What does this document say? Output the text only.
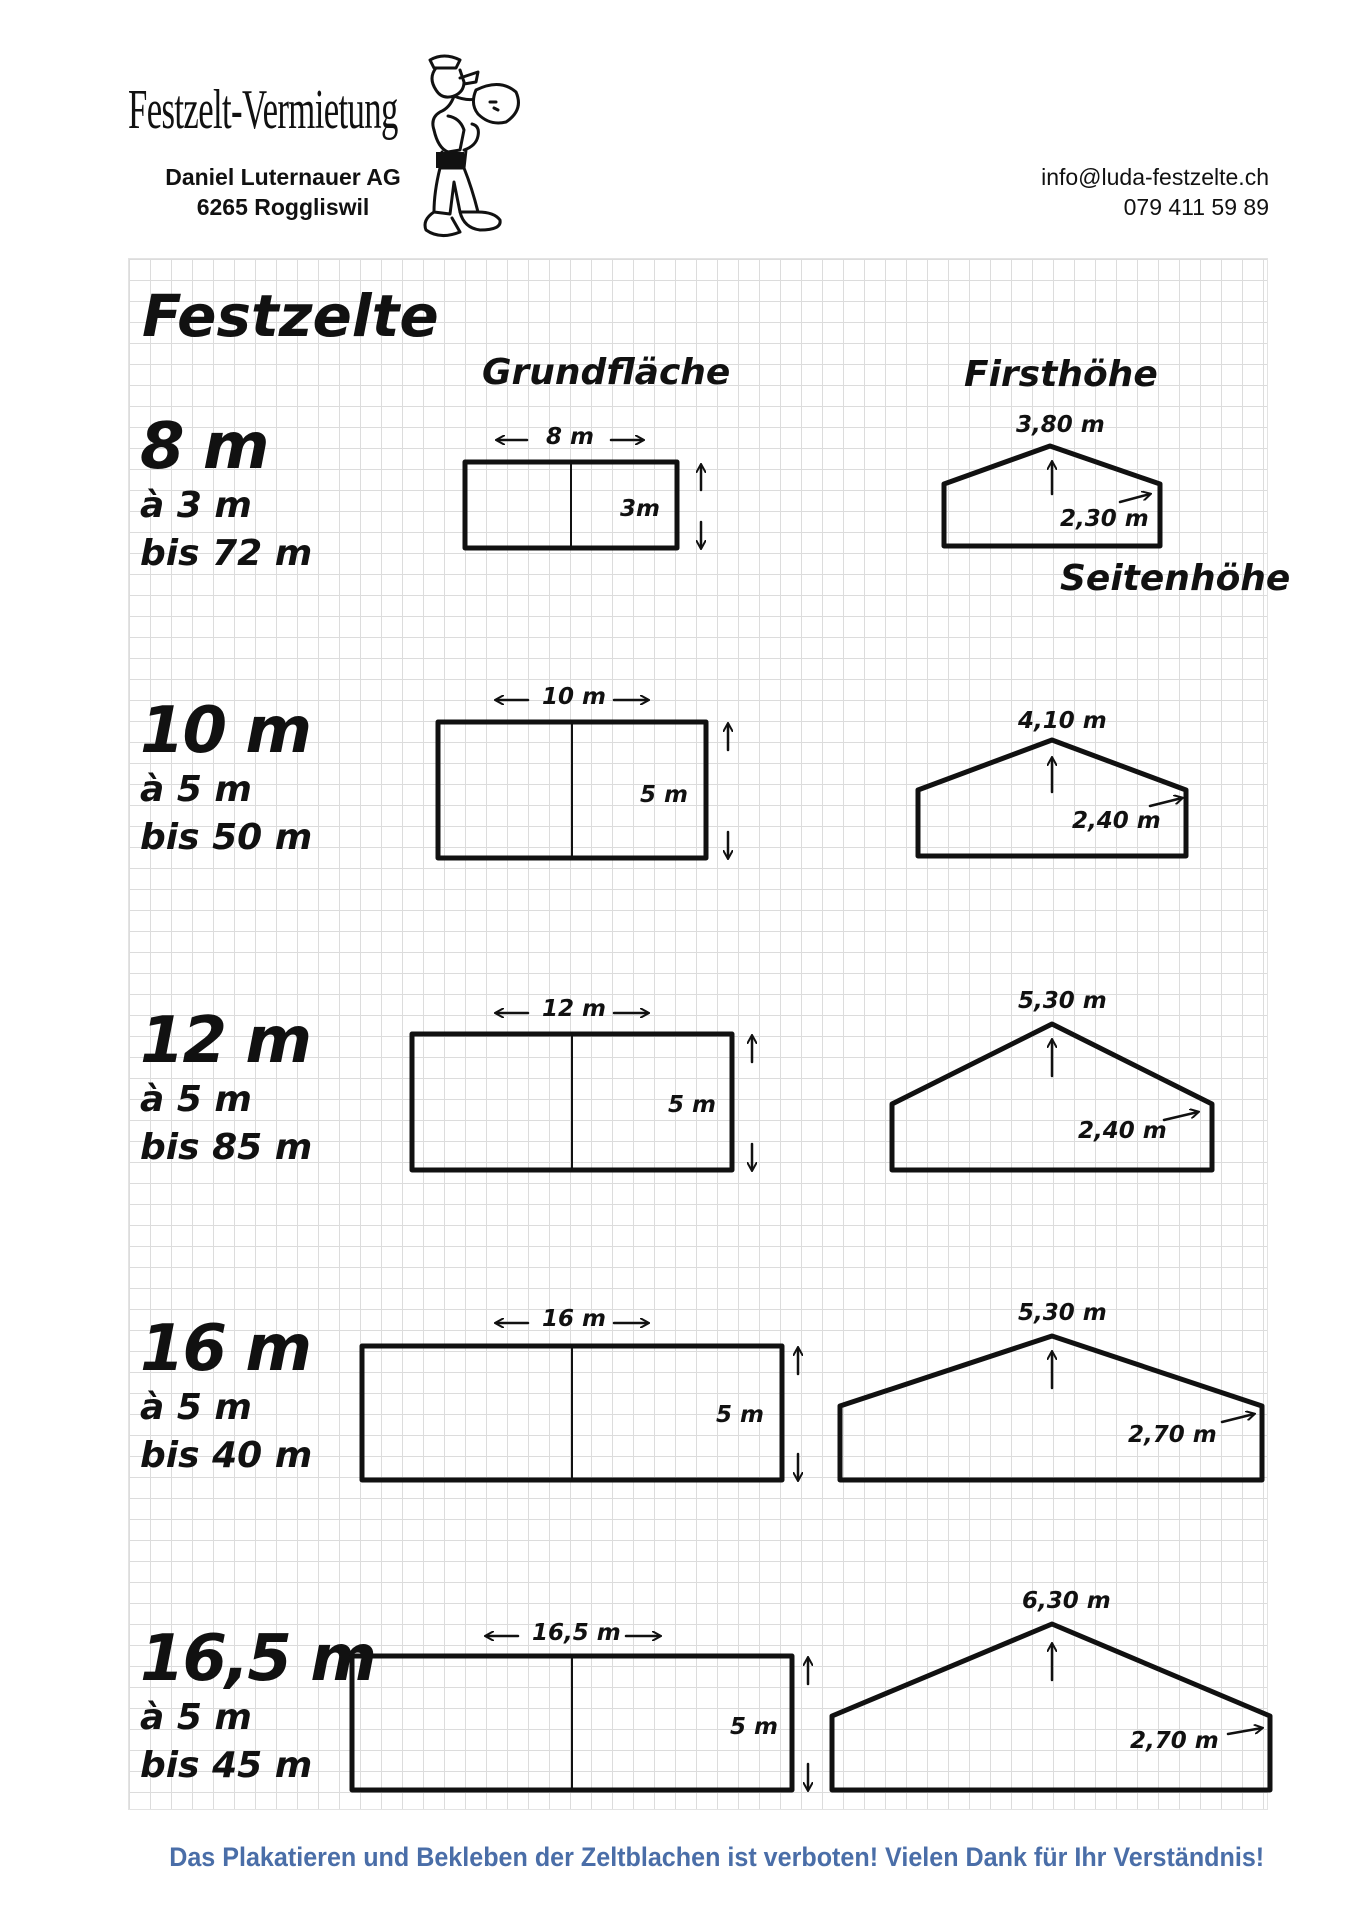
Festzelt-Vermietung
Daniel Luternauer AG
6265 Roggliswil
info@luda-festzelte.ch
079 411 59 89
Festzelte
Grundfläche	Firsthöhe
Seitenhöhe
8 m
à 3 m
bis 72 m
10 m
à 5 m
bis 50 m
12 m
à 5 m
bis 85 m
16 m
à 5 m
bis 40 m
16,5 m
à 5 m
bis 45 m
8 m
3m
3,80 m
2,30 m
10 m
5 m
4,10 m
2,40 m
12 m
5 m
5,30 m
2,40 m
16 m
5 m
5,30 m
2,70 m
16,5 m
5 m
6,30 m
2,70 m
Das Plakatieren und Bekleben der Zeltblachen ist verboten! Vielen Dank für Ihr Verständnis!
